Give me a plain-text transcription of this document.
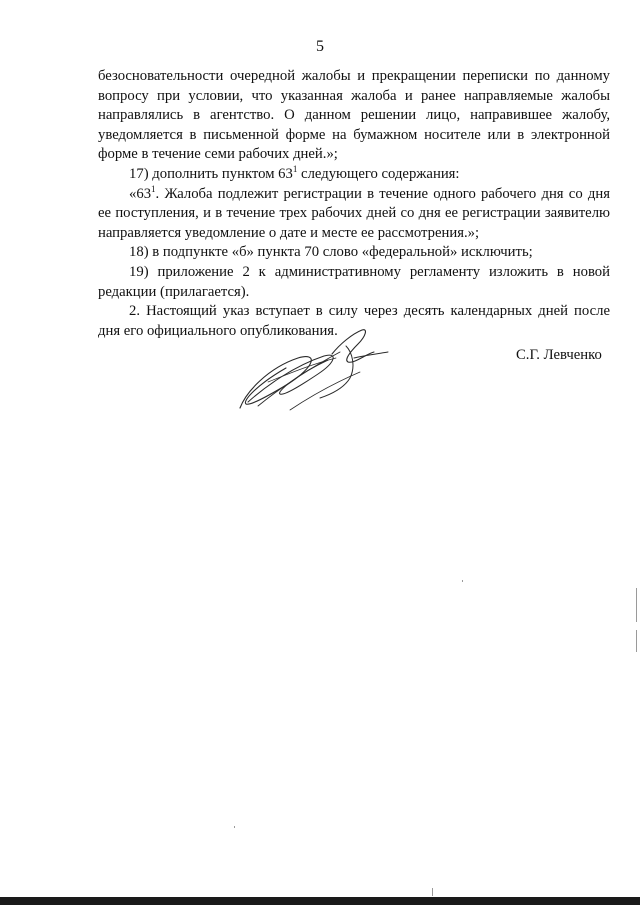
5

безосновательности очередной жалобы и прекращении переписки по данному вопросу при условии, что указанная жалоба и ранее направляемые жалобы направлялись в агентство. О данном решении лицо, направившее жалобу, уведомляется в письменной форме на бумажном носителе или в электронной форме в течение семи рабочих дней.»;

17) дополнить пунктом $63^1$ следующего содержания:

«$63^1$. Жалоба подлежит регистрации в течение одного рабочего дня со дня ее поступления, и в течение трех рабочих дней со дня ее регистрации заявителю направляется уведомление о дате и месте ее рассмотрения.»;

18) в подпункте «б» пункта 70 слово «федеральной» исключить;

19) приложение 2 к административному регламенту изложить в новой редакции (прилагается).

2. Настоящий указ вступает в силу через десять календарных дней после дня его официального опубликования.

С.Г. Левченко
